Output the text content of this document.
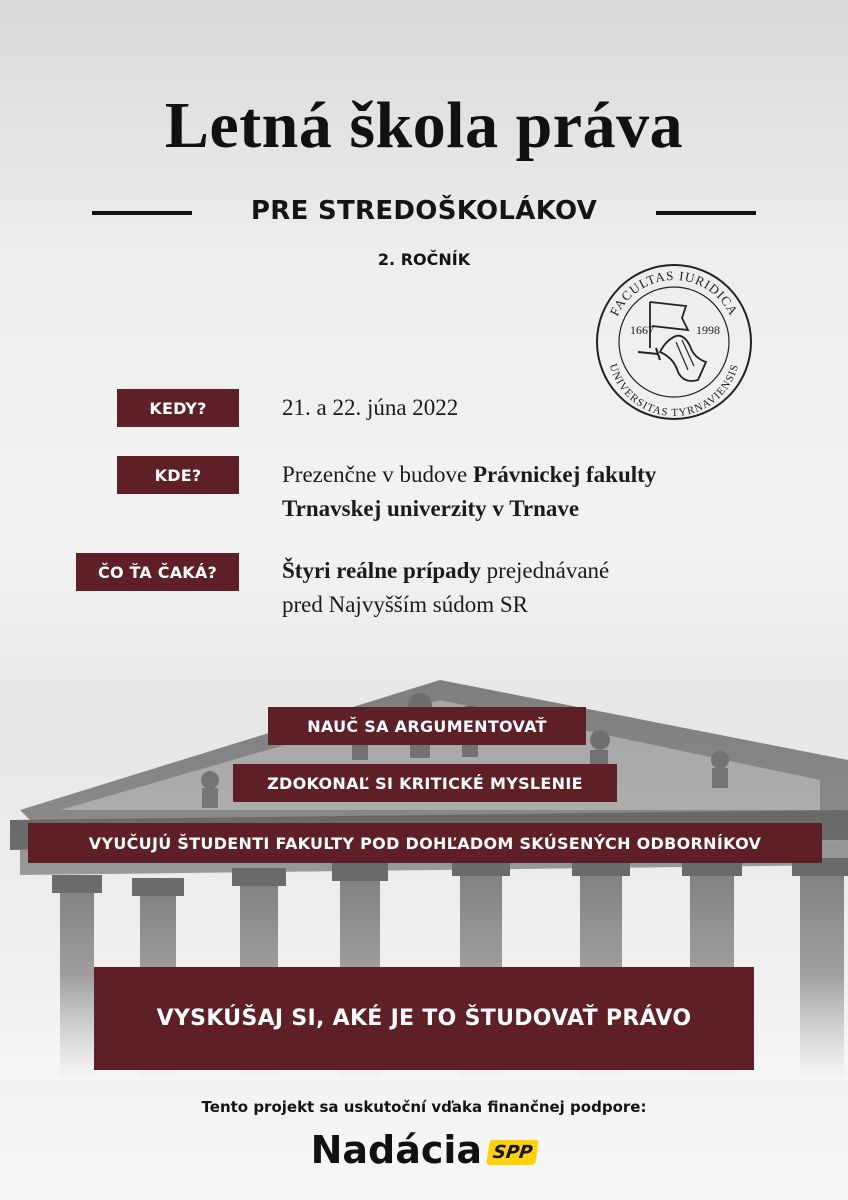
Letná škola práva
PRE STREDOŠKOLÁKOV
2. ROČNÍK
FACULTAS IURIDICA
UNIVERSITAS TYRNAVIENSIS
1667	1998
KEDY?	21. a 22. júna 2022
KDE?	Prezenčne v budove Právnickej fakulty
Trnavskej univerzity v Trnave
ČO ŤA ČAKÁ?	Štyri reálne prípady prejednávané
pred Najvyšším súdom SR
NAUČ SA ARGUMENTOVAŤ
ZDOKONAĽ SI KRITICKÉ MYSLENIE
VYUČUJÚ ŠTUDENTI FAKULTY POD DOHĽADOM SKÚSENÝCH ODBORNÍKOV
VYSKÚŠAJ SI, AKÉ JE TO ŠTUDOVAŤ PRÁVO
Tento projekt sa uskutoční vďaka finančnej podpore:
Nadácia SPP
